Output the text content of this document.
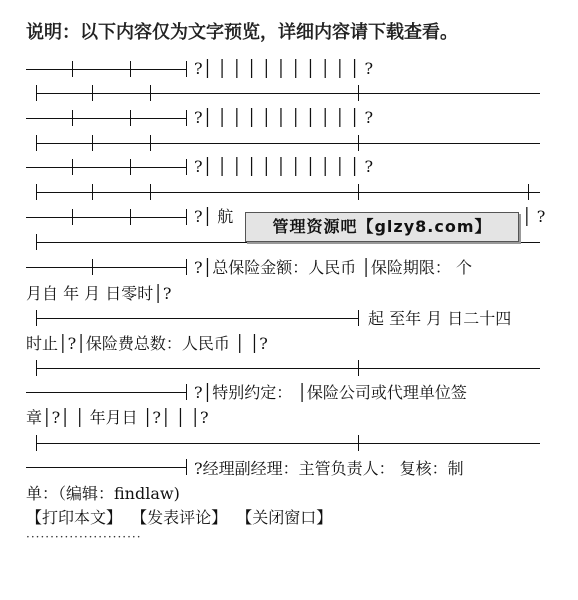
说明：以下内容仅为文字预览，详细内容请下载查看。
?│ │ │ │ │ │ │ │ │ │ │ ?
?│ │ │ │ │ │ │ │ │ │ │ ?
?│ │ │ │ │ │ │ │ │ │ │ ?
?│ 航	│ ?
?│总保险金额：人民币 │保险期限： 个
月自 年 月 日零时│?
起 至年 月 日二十四
时止│?│保险费总数：人民币 │ │?
?│特别约定： │保险公司或代理单位签
章│?│ │ 年月日 │?│ │ │?
?经理副经理：主管负责人： 复核：制
单：（编辑：findlaw)
管理资源吧【glzy8.com】
【打印本文】 【发表评论】 【关闭窗口】
························
